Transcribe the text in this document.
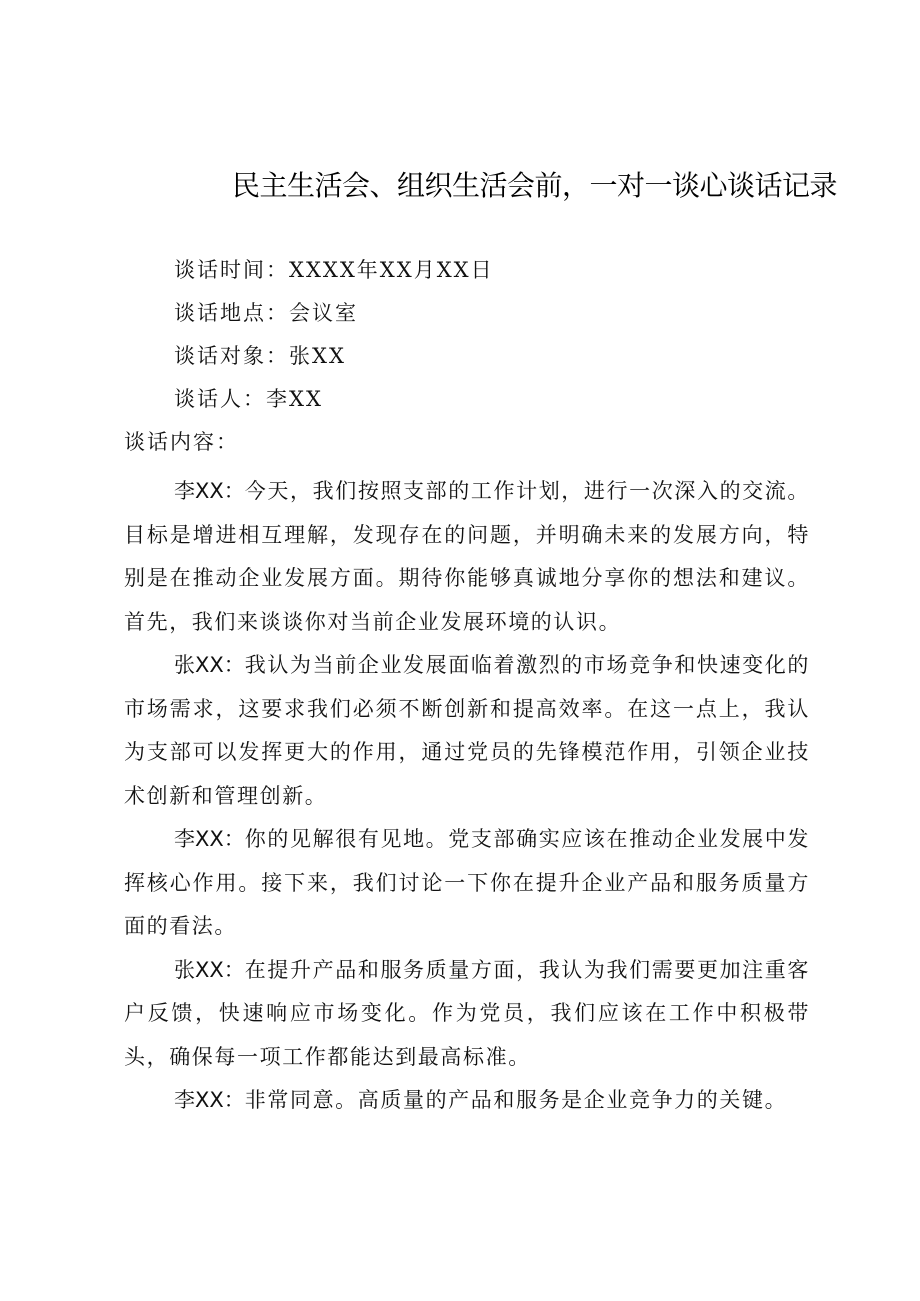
民主生活会、组织生活会前，一对一谈心谈话记录
谈话时间：XXXX年XX月XX日
谈话地点：会议室
谈话对象：张XX
谈话人：李XX
谈话内容：

李XX：今天，我们按照支部的工作计划，进行一次深入的交流。目标是增进相互理解，发现存在的问题，并明确未来的发展方向，特别是在推动企业发展方面。期待你能够真诚地分享你的想法和建议。首先，我们来谈谈你对当前企业发展环境的认识。

张XX：我认为当前企业发展面临着激烈的市场竞争和快速变化的市场需求，这要求我们必须不断创新和提高效率。在这一点上，我认为支部可以发挥更大的作用，通过党员的先锋模范作用，引领企业技术创新和管理创新。

李XX：你的见解很有见地。党支部确实应该在推动企业发展中发挥核心作用。接下来，我们讨论一下你在提升企业产品和服务质量方面的看法。

张XX：在提升产品和服务质量方面，我认为我们需要更加注重客户反馈，快速响应市场变化。作为党员，我们应该在工作中积极带头，确保每一项工作都能达到最高标准。

李XX：非常同意。高质量的产品和服务是企业竞争力的关键。
